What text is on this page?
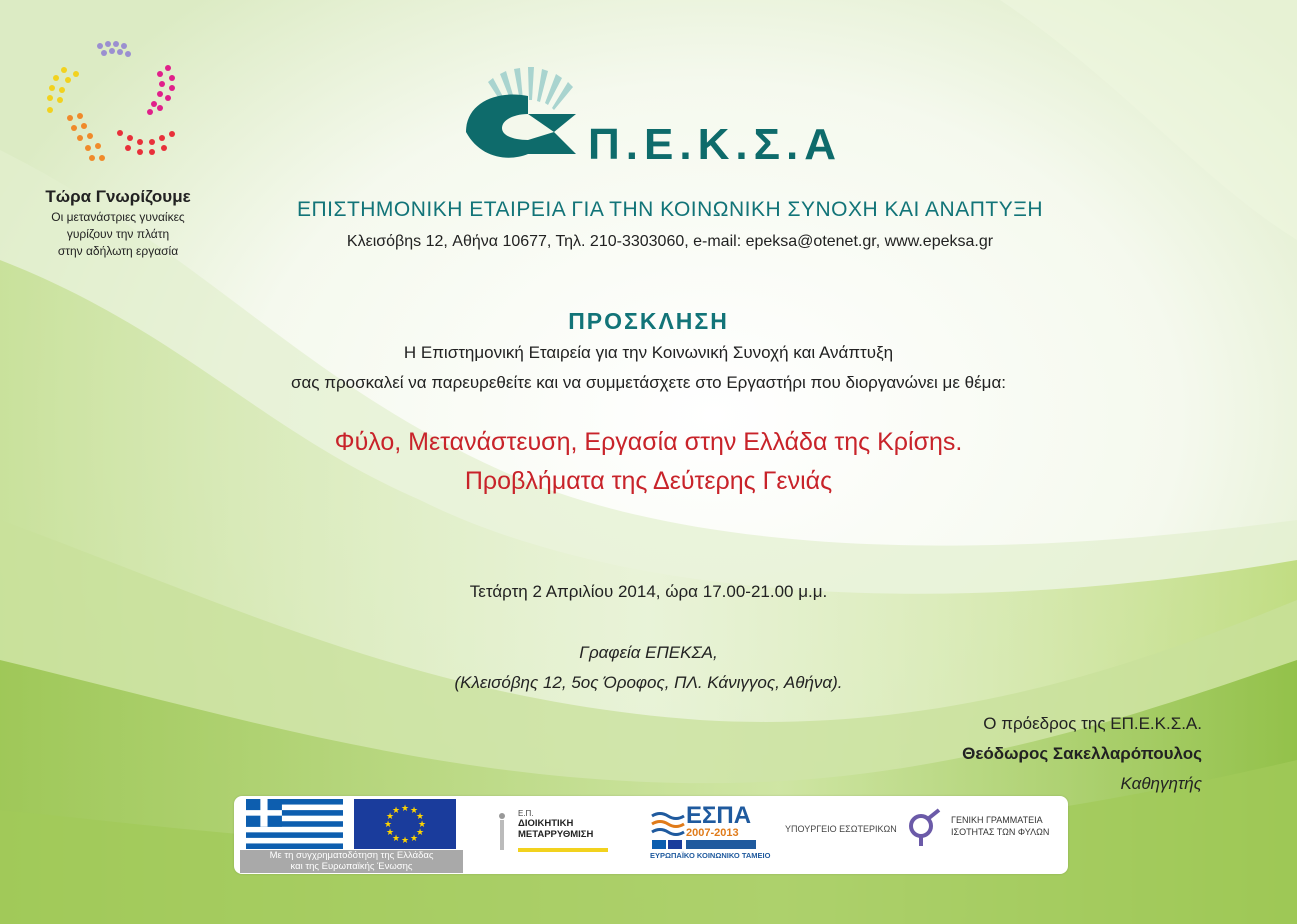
Τώρα Γνωρίζουμε
Οι μετανάστριες γυναίκες
γυρίζουν την πλάτη
στην αδήλωτη εργασία
Π.Ε.Κ.Σ.Α
ΕΠΙΣΤΗΜΟΝΙΚΗ ΕΤΑΙΡΕΙΑ ΓΙΑ ΤΗΝ ΚΟΙΝΩΝΙΚΗ ΣΥΝΟΧΗ ΚΑΙ ΑΝΑΠΤΥΞΗ
Κλεισόβηs 12, Αθήνα 10677, Τηλ. 210-3303060, e-mail: epeksa@otenet.gr, www.epeksa.gr
ΠΡΟΣΚΛΗΣΗ
Η Επιστημονική Εταιρεία για την Κοινωνική Συνοχή και Ανάπτυξη
σας προσκαλεί να παρευρεθείτε και να συμμετάσχετε στο Εργαστήρι που διοργανώνει με θέμα:
Φύλο, Μετανάστευση, Εργασία στην Ελλάδα της Κρίσηs.
Προβλήματα της Δεύτερης Γενιάς
Τετάρτη 2 Απριλίου 2014, ώρα 17.00-21.00 μ.μ.
Γραφεία ΕΠΕΚΣΑ,
(Κλεισόβης 12, 5ος Όροφος, ΠΛ. Κάνιγγος, Αθήνα).
Ο πρόεδρος της ΕΠ.Ε.Κ.Σ.Α.
Θεόδωρος Σακελλαρόπουλος
Καθηγητής
★ ★
★
★
★
★
★
★
★
★
★
★
Με τη συγχρηματοδότηση της Ελλάδας
και της Ευρωπαϊκής Ένωσης
Ε.Π.
ΔΙΟΙΚΗΤΙΚΗ
ΜΕΤΑΡΡΥΘΜΙΣΗ
ΕΣΠΑ
2007-2013
ΕΥΡΩΠΑΪΚΟ ΚΟΙΝΩΝΙΚΟ ΤΑΜΕΙΟ
ΥΠΟΥΡΓΕΙΟ ΕΣΩΤΕΡΙΚΩΝ
ΓΕΝΙΚΗ ΓΡΑΜΜΑΤΕΙΑ
ΙΣΟΤΗΤΑΣ ΤΩΝ ΦΥΛΩΝ
